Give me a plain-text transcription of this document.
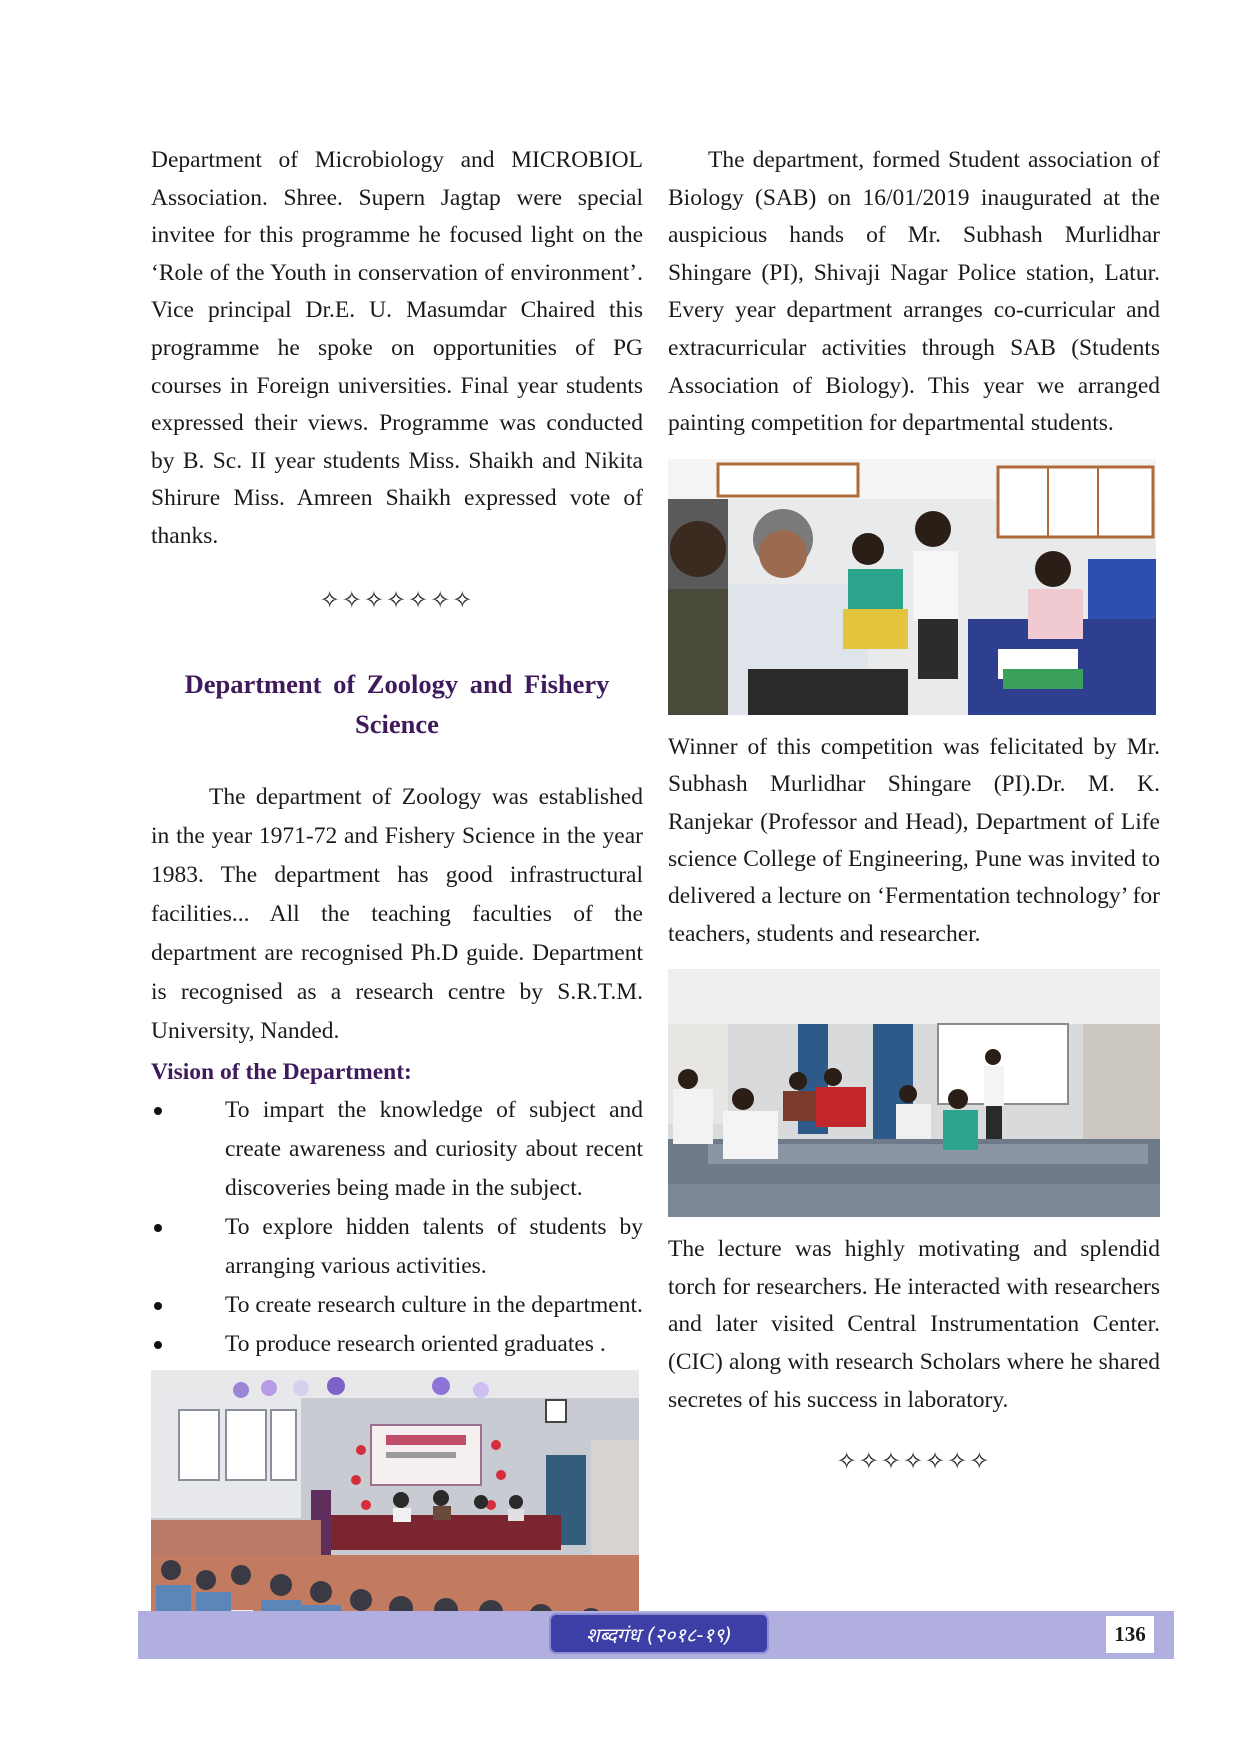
Department of Microbiology and MICROBIOL Association. Shree. Supern Jagtap were special invitee for this programme he focused light on the ‘Role of the Youth in conservation of environment’. Vice principal Dr.E. U. Masumdar Chaired this programme he spoke on opportunities of PG courses in Foreign universities. Final year students expressed their views. Programme was conducted by B. Sc. II year students Miss. Shaikh and Nikita Shirure Miss. Amreen Shaikh expressed vote of thanks.

✧✧✧✧✧✧✧
Department of Zoology and Fishery
Science

The department of Zoology was established in the year 1971-72 and Fishery Science in the year 1983. The department has good infrastructural facilities... All the teaching faculties of the department are recognised Ph.D guide. Department is recognised as a research centre by S.R.T.M. University, Nanded.

Vision of the Department:
To impart the knowledge of subject and create awareness and curiosity about recent discoveries being made in the subject.
To explore hidden talents of students by arranging various activities.
To create research culture in the department.
To produce research oriented graduates .

The department, formed Student association of Biology (SAB) on 16/01/2019 inaugurated at the auspicious hands of Mr. Subhash Murlidhar Shingare (PI), Shivaji Nagar Police station, Latur. Every year department arranges co-curricular and extracurricular activities through SAB (Students Association of Biology). This year we arranged painting competition for departmental students.

Winner of this competition was felicitated by Mr. Subhash Murlidhar Shingare (PI).Dr. M. K. Ranjekar (Professor and Head), Department of Life science College of Engineering, Pune was invited to delivered a lecture on ‘Fermentation technology’ for teachers, students and researcher.

The lecture was highly motivating and splendid torch for researchers. He interacted with researchers and later visited Central Instrumentation Center. (CIC) along with research Scholars where he shared secretes of his success in laboratory.

✧✧✧✧✧✧✧
शब्दगंध (२०१८-१९)	136
